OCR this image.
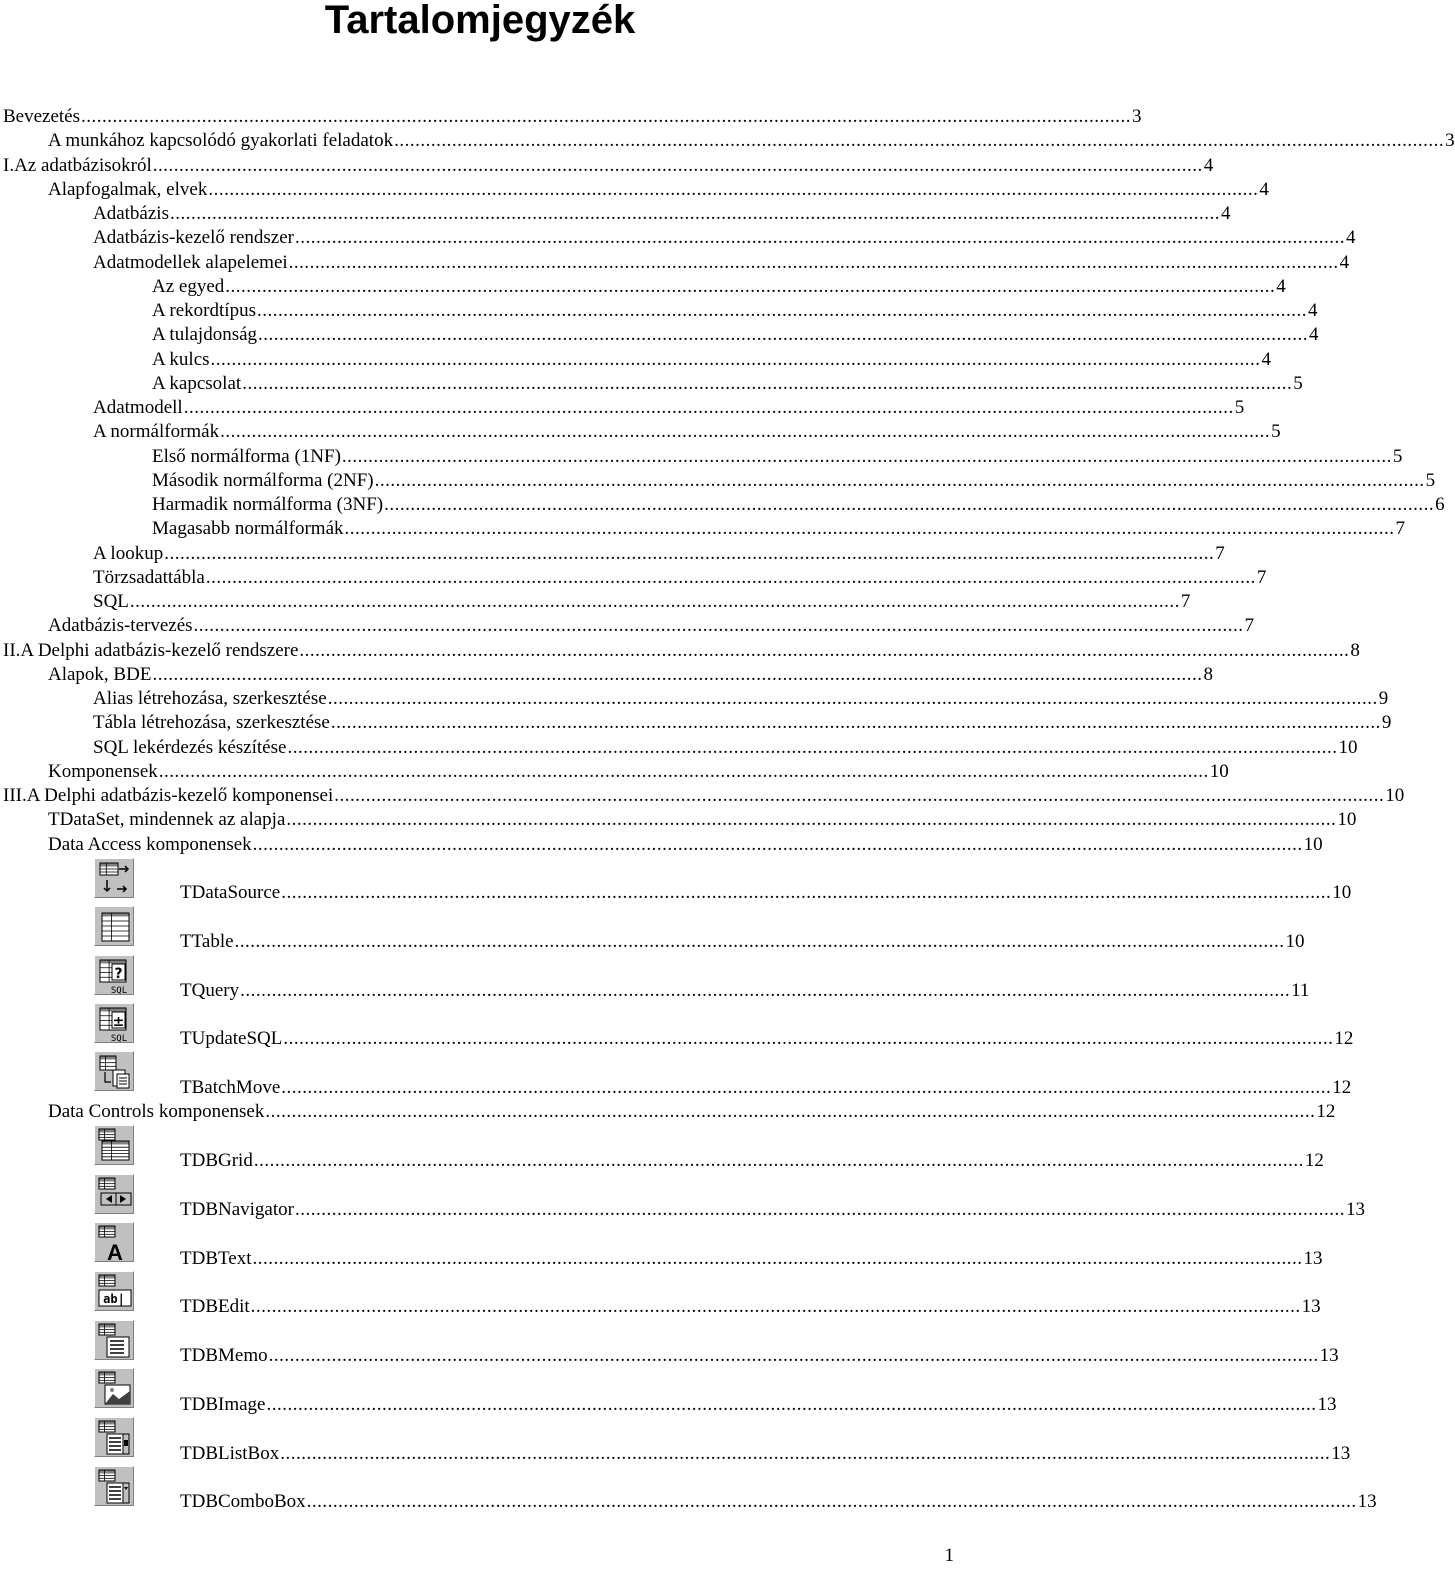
Tartalomjegyzék
Bevezetés ........................................................................................................................................................................................................ 3
A munkához kapcsolódó gyakorlati feladatok ........................................................................................................................................................................................................ 3
I.Az adatbázisokról ........................................................................................................................................................................................................ 4
Alapfogalmak, elvek ........................................................................................................................................................................................................ 4
Adatbázis ........................................................................................................................................................................................................ 4
Adatbázis-kezelő rendszer ........................................................................................................................................................................................................ 4
Adatmodellek alapelemei ........................................................................................................................................................................................................ 4
Az egyed ........................................................................................................................................................................................................ 4
A rekordtípus ........................................................................................................................................................................................................ 4
A tulajdonság ........................................................................................................................................................................................................ 4
A kulcs ........................................................................................................................................................................................................ 4
A kapcsolat ........................................................................................................................................................................................................ 5
Adatmodell ........................................................................................................................................................................................................ 5
A normálformák ........................................................................................................................................................................................................ 5
Első normálforma (1NF) ........................................................................................................................................................................................................ 5
Második normálforma (2NF) ........................................................................................................................................................................................................ 5
Harmadik normálforma (3NF) ........................................................................................................................................................................................................ 6
Magasabb normálformák ........................................................................................................................................................................................................ 7
A lookup ........................................................................................................................................................................................................ 7
Törzsadattábla ........................................................................................................................................................................................................ 7
SQL ........................................................................................................................................................................................................ 7
Adatbázis-tervezés ........................................................................................................................................................................................................ 7
II.A Delphi adatbázis-kezelő rendszere ........................................................................................................................................................................................................ 8
Alapok, BDE ........................................................................................................................................................................................................ 8
Alias létrehozása, szerkesztése ........................................................................................................................................................................................................ 9
Tábla létrehozása, szerkesztése ........................................................................................................................................................................................................ 9
SQL lekérdezés készítése ........................................................................................................................................................................................................ 10
Komponensek ........................................................................................................................................................................................................ 10
III.A Delphi adatbázis-kezelő komponensei ........................................................................................................................................................................................................ 10
TDataSet, mindennek az alapja ........................................................................................................................................................................................................ 10
Data Access komponensek ........................................................................................................................................................................................................ 10
TDataSource ........................................................................................................................................................................................................ 10
TTable ........................................................................................................................................................................................................ 10
TQuery ........................................................................................................................................................................................................ 11
TUpdateSQL ........................................................................................................................................................................................................ 12
TBatchMove ........................................................................................................................................................................................................ 12
Data Controls komponensek ........................................................................................................................................................................................................ 12
TDBGrid ........................................................................................................................................................................................................ 12
TDBNavigator ........................................................................................................................................................................................................ 13
TDBText ........................................................................................................................................................................................................ 13
TDBEdit ........................................................................................................................................................................................................ 13
TDBMemo ........................................................................................................................................................................................................ 13
TDBImage ........................................................................................................................................................................................................ 13
TDBListBox ........................................................................................................................................................................................................ 13
TDBComboBox ........................................................................................................................................................................................................ 13
?
SQL
±
SQL
A
ab|
1
